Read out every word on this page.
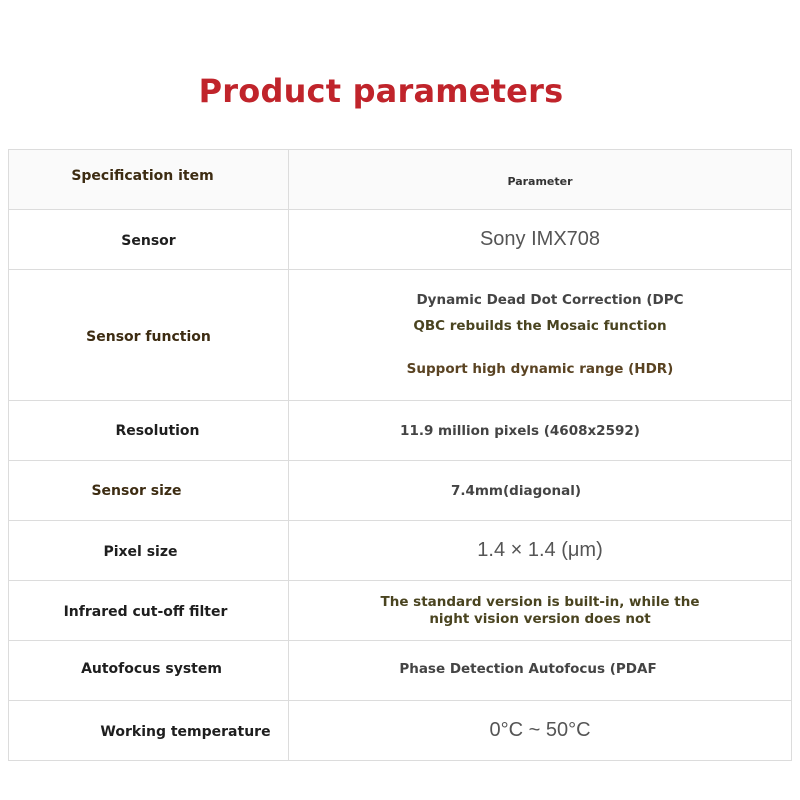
Product parameters
Specification item	Parameter
Sensor	Sony IMX708
Sensor function	Dynamic Dead Dot Correction (DPC
QBC rebuilds the Mosaic function
Support high dynamic range (HDR)

Resolution	11.9 million pixels (4608x2592)
Sensor size	7.4mm(diagonal)
Pixel size	1.4 × 1.4 (μm)
Infrared cut-off filter	The standard version is built-in, while the
night vision version does not

Autofocus system	Phase Detection Autofocus (PDAF
Working temperature	0°C ~ 50°C
